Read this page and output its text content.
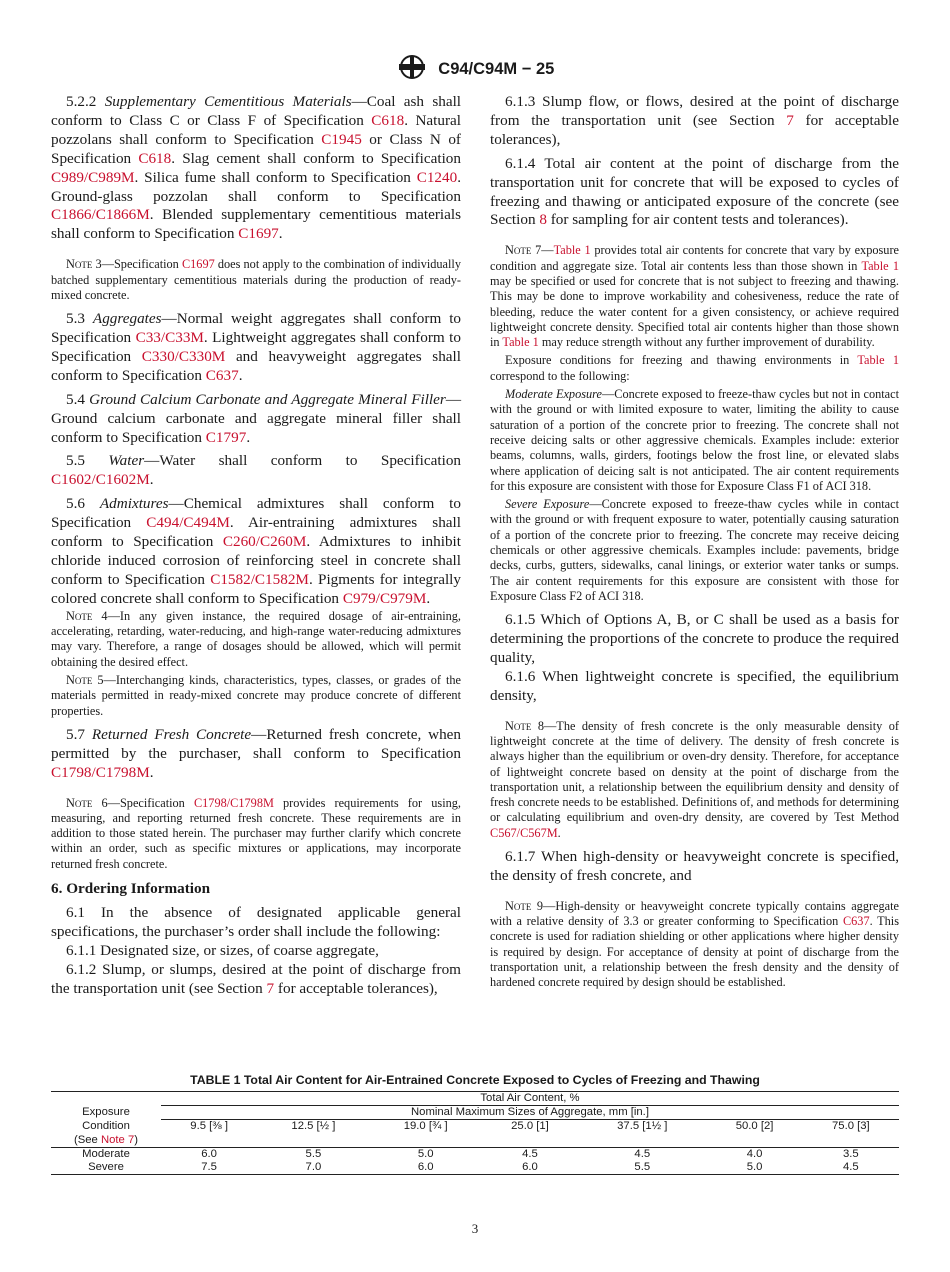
C94/C94M − 25

5.2.2 Supplementary Cementitious Materials—Coal ash shall conform to Class C or Class F of Specification C618. Natural pozzolans shall conform to Specification C1945 or Class N of Specification C618. Slag cement shall conform to Specification C989/C989M. Silica fume shall conform to Specification C1240. Ground-glass pozzolan shall conform to Specification C1866/C1866M. Blended supplementary cementitious materials shall conform to Specification C1697.

Note 3—Specification C1697 does not apply to the combination of individually batched supplementary cementitious materials during the production of ready-mixed concrete.

5.3 Aggregates—Normal weight aggregates shall conform to Specification C33/C33M. Lightweight aggregates shall conform to Specification C330/C330M and heavyweight aggregates shall conform to Specification C637.

5.4 Ground Calcium Carbonate and Aggregate Mineral Filler—Ground calcium carbonate and aggregate mineral filler shall conform to Specification C1797.

5.5 Water—Water shall conform to Specification C1602/C1602M.

5.6 Admixtures—Chemical admixtures shall conform to Specification C494/C494M. Air-entraining admixtures shall conform to Specification C260/C260M. Admixtures to inhibit chloride induced corrosion of reinforcing steel in concrete shall conform to Specification C1582/C1582M. Pigments for integrally colored concrete shall conform to Specification C979/C979M.

Note 4—In any given instance, the required dosage of air-entraining, accelerating, retarding, water-reducing, and high-range water-reducing admixtures may vary. Therefore, a range of dosages should be allowed, which will permit obtaining the desired effect.

Note 5—Interchanging kinds, characteristics, types, classes, or grades of the materials permitted in ready-mixed concrete may produce concrete of different properties.

5.7 Returned Fresh Concrete—Returned fresh concrete, when permitted by the purchaser, shall conform to Specification C1798/C1798M.

Note 6—Specification C1798/C1798M provides requirements for using, measuring, and reporting returned fresh concrete. These requirements are in addition to those stated herein. The purchaser may further clarify which concrete within an order, such as specific mixtures or applications, may incorporate returned fresh concrete.

6. Ordering Information

6.1 In the absence of designated applicable general specifications, the purchaser’s order shall include the following:

6.1.1 Designated size, or sizes, of coarse aggregate,

6.1.2 Slump, or slumps, desired at the point of discharge from the transportation unit (see Section 7 for acceptable tolerances),

6.1.3 Slump flow, or flows, desired at the point of discharge from the transportation unit (see Section 7 for acceptable tolerances),

6.1.4 Total air content at the point of discharge from the transportation unit for concrete that will be exposed to cycles of freezing and thawing or anticipated exposure of the concrete (see Section 8 for sampling for air content tests and tolerances).

Note 7—Table 1 provides total air contents for concrete that vary by exposure condition and aggregate size. Total air contents less than those shown in Table 1 may be specified or used for concrete that is not subject to freezing and thawing. This may be done to improve workability and cohesiveness, reduce the rate of bleeding, reduce the water content for a given consistency, or achieve required lightweight concrete density. Specified total air contents higher than those shown in Table 1 may reduce strength without any further improvement of durability.

Exposure conditions for freezing and thawing environments in Table 1 correspond to the following:

Moderate Exposure—Concrete exposed to freeze-thaw cycles but not in contact with the ground or with limited exposure to water, limiting the ability to cause saturation of a portion of the concrete prior to freezing. The concrete shall not receive deicing salts or other aggressive chemicals. Examples include: exterior beams, columns, walls, girders, footings below the frost line, or elevated slabs where application of deicing salt is not anticipated. The air content requirements for this exposure are consistent with those for Exposure Class F1 of ACI 318.

Severe Exposure—Concrete exposed to freeze-thaw cycles while in contact with the ground or with frequent exposure to water, potentially causing saturation of a portion of the concrete prior to freezing. The concrete may receive deicing chemicals or other aggressive chemicals. Examples include: pavements, bridge decks, curbs, gutters, sidewalks, canal linings, or exterior water tanks or sumps. The air content requirements for this exposure are consistent with those for Exposure Class F2 of ACI 318.

6.1.5 Which of Options A, B, or C shall be used as a basis for determining the proportions of the concrete to produce the required quality,

6.1.6 When lightweight concrete is specified, the equilibrium density,

Note 8—The density of fresh concrete is the only measurable density of lightweight concrete at the time of delivery. The density of fresh concrete is always higher than the equilibrium or oven-dry density. Therefore, for acceptance of lightweight concrete based on density at the point of discharge from the transportation unit, a relationship between the equilibrium density and density of fresh concrete needs to be established. Definitions of, and methods for determining or calculating equilibrium and oven-dry density, are covered by Test Method C567/C567M.

6.1.7 When high-density or heavyweight concrete is specified, the density of fresh concrete, and

Note 9—High-density or heavyweight concrete typically contains aggregate with a relative density of 3.3 or greater conforming to Specification C637. This concrete is used for radiation shielding or other applications where higher density is required by design. For acceptance of density at point of discharge from the transportation unit, a relationship between the fresh density and the density of hardened concrete required by design should be established.

TABLE 1 Total Air Content for Air-Entrained Concrete Exposed to Cycles of Freezing and Thawing
	Total Air Content, %						
Exposure	Nominal Maximum Sizes of Aggregate, mm [in.]						
Condition	9.5 [⅜ ]	12.5 [½ ]	19.0 [¾ ]	25.0 [1]	37.5 [1½ ]	50.0 [2]	75.0 [3]
(See Note 7)							
Moderate	6.0	5.5	5.0	4.5	4.5	4.0	3.5
Severe	7.5	7.0	6.0	6.0	5.5	5.0	4.5
3
